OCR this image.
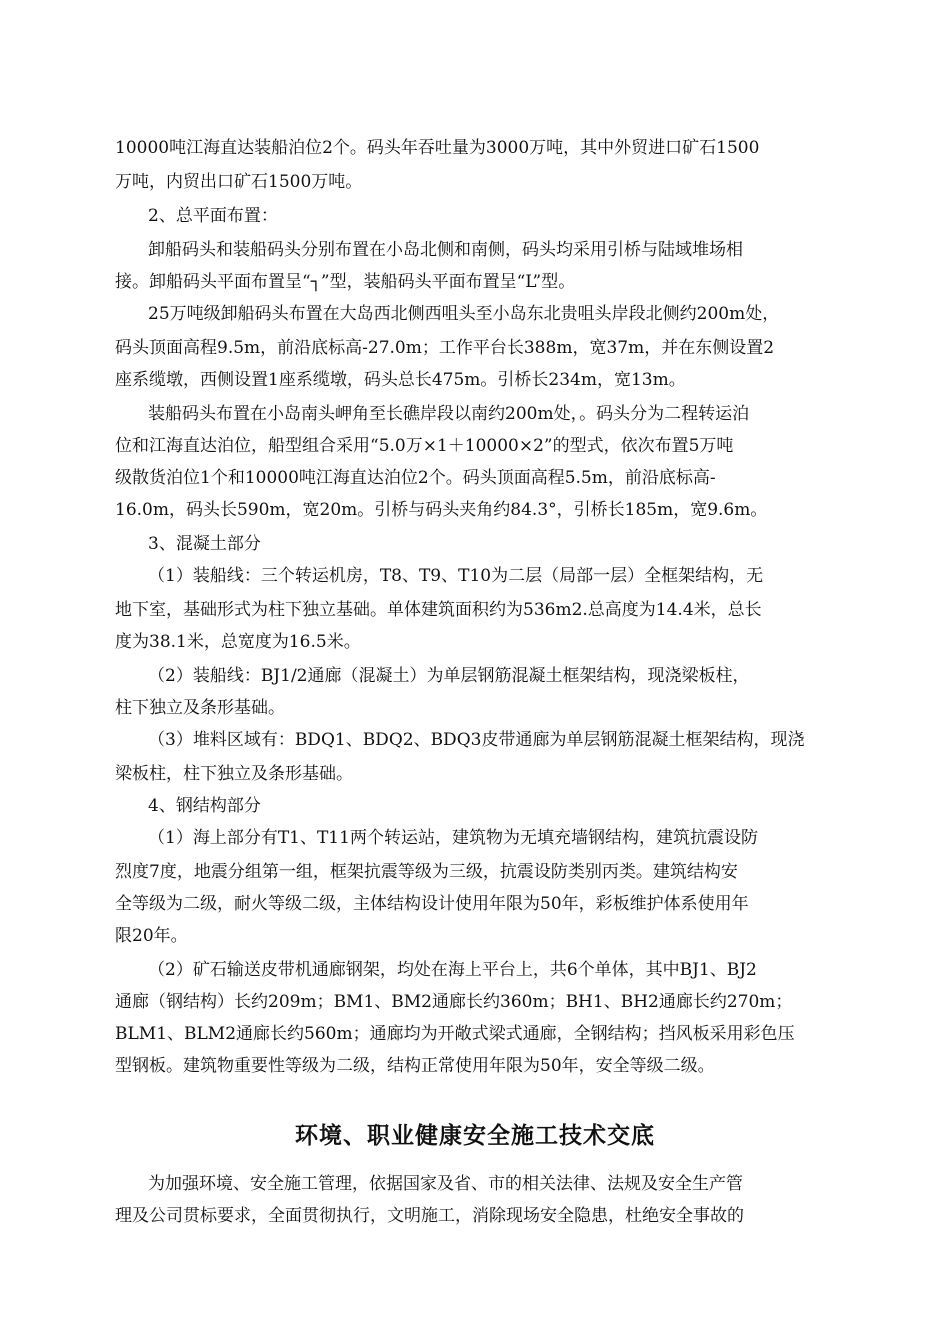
10000吨江海直达装船泊位2个。码头年吞吐量为3000万吨，其中外贸进口矿石1500
万吨，内贸出口矿石1500万吨。
2、总平面布置：
卸船码头和装船码头分别布置在小岛北侧和南侧，码头均采用引桥与陆域堆场相
接。卸船码头平面布置呈“┐”型，装船码头平面布置呈“L”型。
25万吨级卸船码头布置在大岛西北侧西咀头至小岛东北贵咀头岸段北侧约200m处，
码头顶面高程9.5m，前沿底标高-27.0m；工作平台长388m，宽37m，并在东侧设置2
座系缆墩，西侧设置1座系缆墩，码头总长475m。引桥长234m，宽13m。
装船码头布置在小岛南头岬角至长礁岸段以南约200m处，。码头分为二程转运泊
位和江海直达泊位，船型组合采用“5.0万×1＋10000×2”的型式，依次布置5万吨
级散货泊位1个和10000吨江海直达泊位2个。码头顶面高程5.5m，前沿底标高-
16.0m，码头长590m，宽20m。引桥与码头夹角约84.3°，引桥长185m，宽9.6m。
3、混凝土部分
（1）装船线：三个转运机房，T8、T9、T10为二层（局部一层）全框架结构，无
地下室，基础形式为柱下独立基础。单体建筑面积约为536m2.总高度为14.4米，总长
度为38.1米，总宽度为16.5米。
（2）装船线：BJ1/2通廊（混凝土）为单层钢筋混凝土框架结构，现浇梁板柱，
柱下独立及条形基础。
（3）堆料区域有：BDQ1、BDQ2、BDQ3皮带通廊为单层钢筋混凝土框架结构，现浇
梁板柱，柱下独立及条形基础。
4、钢结构部分
（1）海上部分有T1、T11两个转运站，建筑物为无填充墙钢结构，建筑抗震设防
烈度7度，地震分组第一组，框架抗震等级为三级，抗震设防类别丙类。建筑结构安
全等级为二级，耐火等级二级，主体结构设计使用年限为50年，彩板维护体系使用年
限20年。
（2）矿石输送皮带机通廊钢架，均处在海上平台上，共6个单体，其中BJ1、BJ2
通廊（钢结构）长约209m；BM1、BM2通廊长约360m；BH1、BH2通廊长约270m；
BLM1、BLM2通廊长约560m；通廊均为开敞式梁式通廊，全钢结构；挡风板采用彩色压
型钢板。建筑物重要性等级为二级，结构正常使用年限为50年，安全等级二级。
环境、职业健康安全施工技术交底
为加强环境、安全施工管理，依据国家及省、市的相关法律、法规及安全生产管
理及公司贯标要求，全面贯彻执行，文明施工，消除现场安全隐患，杜绝安全事故的
